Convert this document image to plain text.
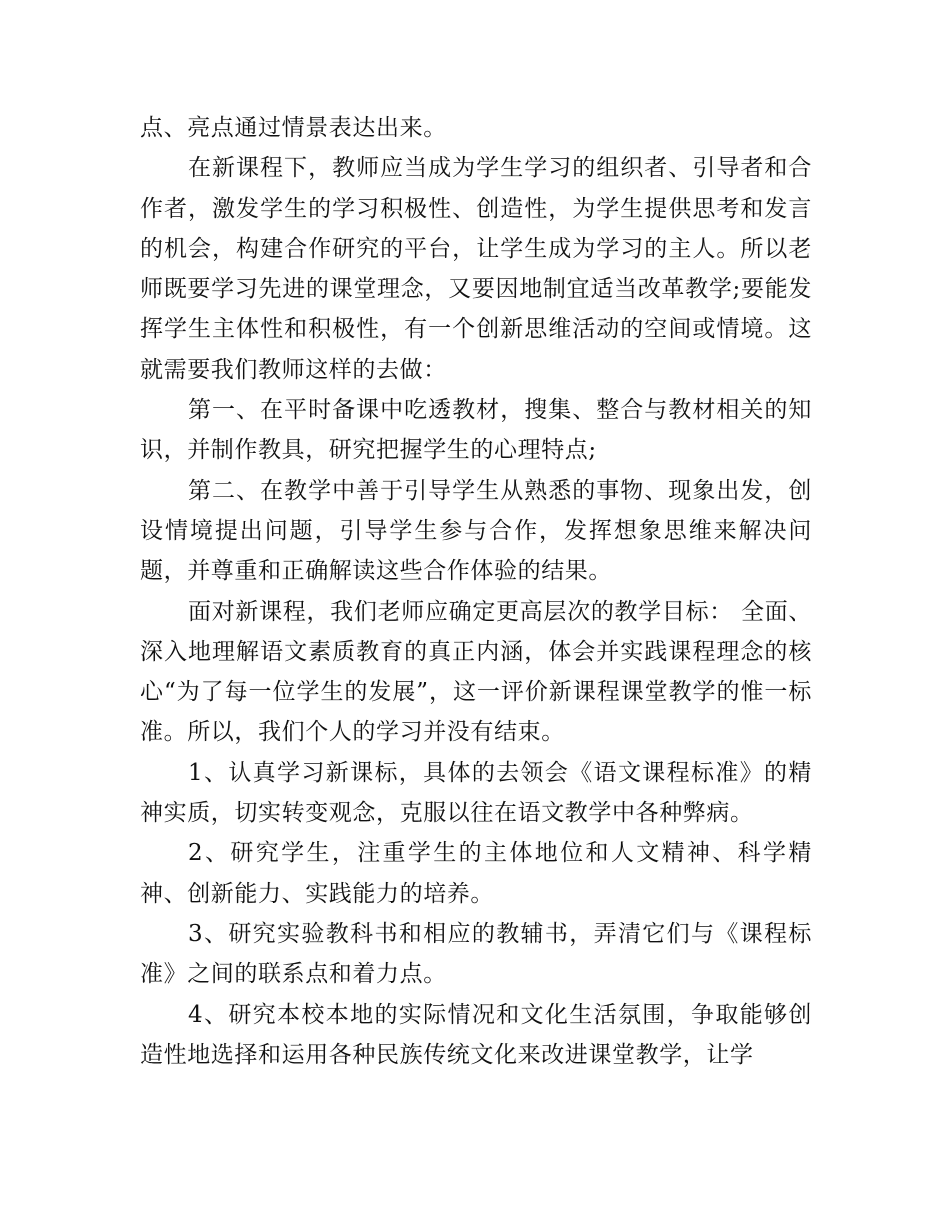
点、亮点通过情景表达出来。

在新课程下，教师应当成为学生学习的组织者、引导者和合作者，激发学生的学习积极性、创造性，为学生提供思考和发言的机会，构建合作研究的平台，让学生成为学习的主人。所以老师既要学习先进的课堂理念，又要因地制宜适当改革教学;要能发挥学生主体性和积极性，有一个创新思维活动的空间或情境。这就需要我们教师这样的去做：

第一、在平时备课中吃透教材，搜集、整合与教材相关的知识，并制作教具，研究把握学生的心理特点;

第二、在教学中善于引导学生从熟悉的事物、现象出发，创设情境提出问题，引导学生参与合作，发挥想象思维来解决问题，并尊重和正确解读这些合作体验的结果。

面对新课程，我们老师应确定更高层次的教学目标： 全面、深入地理解语文素质教育的真正内涵，体会并实践课程理念的核心“为了每一位学生的发展”，这一评价新课程课堂教学的惟一标准。所以，我们个人的学习并没有结束。

1、认真学习新课标，具体的去领会《语文课程标准》的精神实质，切实转变观念，克服以往在语文教学中各种弊病。

2、研究学生，注重学生的主体地位和人文精神、科学精神、创新能力、实践能力的培养。

3、研究实验教科书和相应的教辅书，弄清它们与《课程标准》之间的联系点和着力点。

4、研究本校本地的实际情况和文化生活氛围，争取能够创造性地选择和运用各种民族传统文化来改进课堂教学，让学
